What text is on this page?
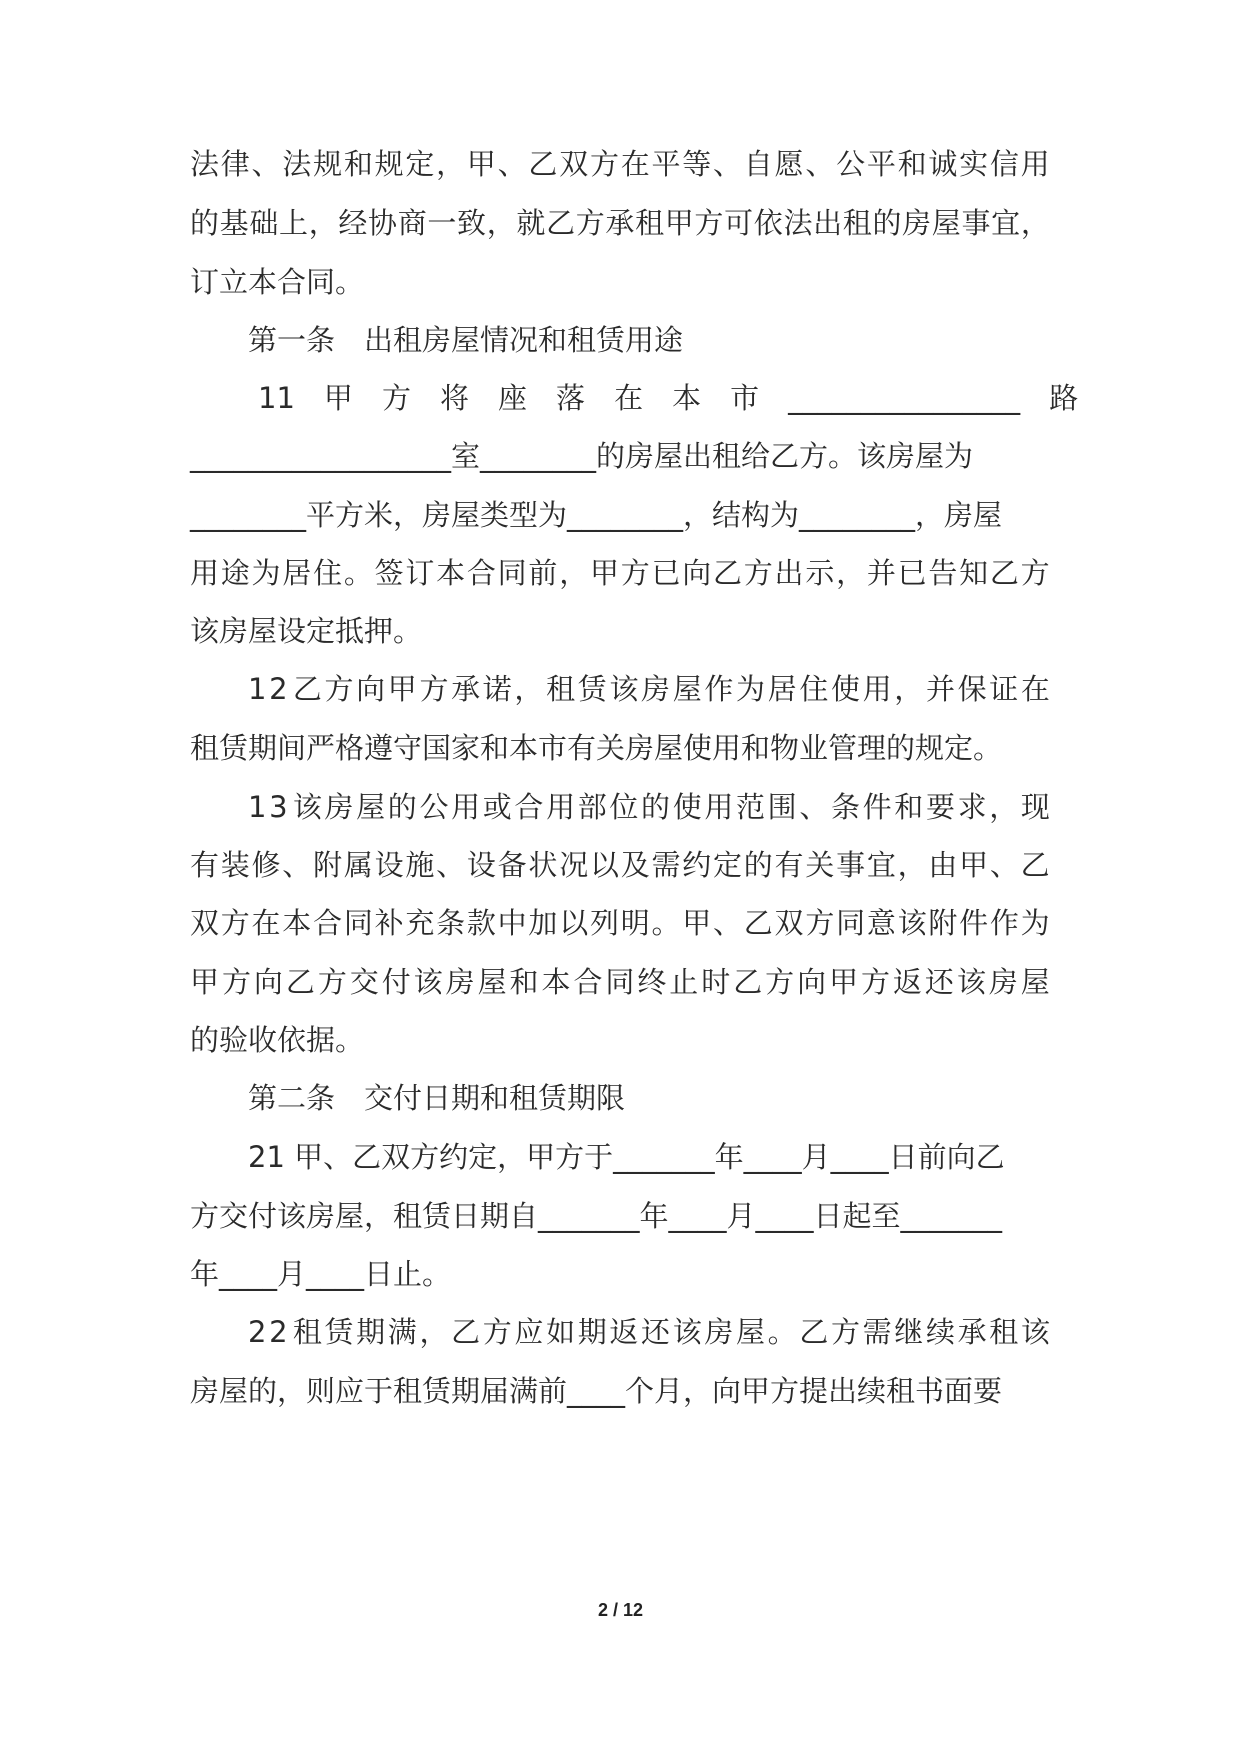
法 律 、 法 规 和 规 定 ， 甲 、 乙 双 方 在 平 等 、 自 愿 、 公 平 和 诚 实 信 用
的 基 础 上 ， 经 协 商 一 致 ， 就 乙 方 承 租 甲 方 可 依 法 出 租 的 房 屋 事 宜 ，
订立本合同。
第一条　出租房屋情况和租赁用途
1 1
　 甲
　 方
　 将
　 座
　 落
　 在
　 本
　 市
　 _ _ _ _ _ _ _ _ _ _ _ _ _ _ _ _
　 路
__________________室________的房屋出租给乙方。该房屋为
________平方米，房屋类型为________，结构为________，房屋
用 途 为 居 住 。 签 订 本 合 同 前 ， 甲 方 已 向 乙 方 出 示 ， 并 已 告 知 乙 方
该房屋设定抵押。
1 2 乙 方 向 甲 方 承 诺 ， 租 赁 该 房 屋 作 为 居 住 使 用 ， 并 保 证 在
租赁期间严格遵守国家和本市有关房屋使用和物业管理的规定。
1 3 该 房 屋 的 公 用 或 合 用 部 位 的 使 用 范 围 、 条 件 和 要 求 ， 现
有 装 修 、 附 属 设 施 、 设 备 状 况 以 及 需 约 定 的 有 关 事 宜 ， 由 甲 、 乙
双 方 在 本 合 同 补 充 条 款 中 加 以 列 明 。 甲 、 乙 双 方 同 意 该 附 件 作 为
甲 方 向 乙 方 交 付 该 房 屋 和 本 合 同 终 止 时 乙 方 向 甲 方 返 还 该 房 屋
的验收依据。
第二条　交付日期和租赁期限
21 甲、乙双方约定，甲方于_______年____月____日前向乙
方交付该房屋，租赁日期自_______年____月____日起至_______
年____月____日止。
2 2 租 赁 期 满 ， 乙 方 应 如 期 返 还 该 房 屋 。 乙 方 需 继 续 承 租 该
房屋的，则应于租赁期届满前____个月，向甲方提出续租书面要
2 / 12
